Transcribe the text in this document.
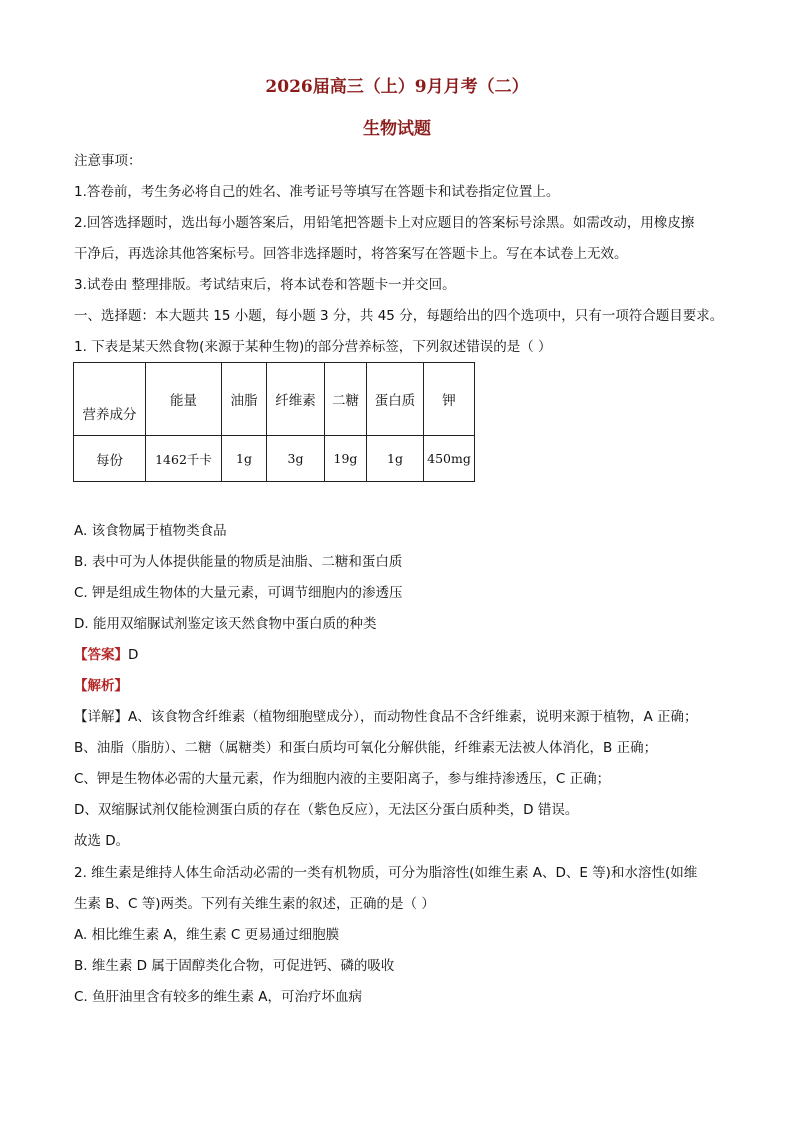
2026届高三（上）9月月考（二）
生物试题
注意事项：
1.答卷前，考生务必将自己的姓名、准考证号等填写在答题卡和试卷指定位置上。
2.回答选择题时，选出每小题答案后，用铅笔把答题卡上对应题目的答案标号涂黑。如需改动，用橡皮擦
干净后，再选涂其他答案标号。回答非选择题时，将答案写在答题卡上。写在本试卷上无效。
3.试卷由 整理排版。考试结束后，将本试卷和答题卡一并交回。
一、选择题：本大题共 15 小题，每小题 3 分，共 45 分，每题给出的四个选项中，只有一项符合题目要求。
1. 下表是某天然食物(来源于某种生物)的部分营养标签，下列叙述错误的是（ ）
营养成分	能量	油脂	纤维素	二糖	蛋白质	钾
每份	1462千卡	1g	3g	19g	1g	450mg
A. 该食物属于植物类食品
B. 表中可为人体提供能量的物质是油脂、二糖和蛋白质
C. 钾是组成生物体的大量元素，可调节细胞内的渗透压
D. 能用双缩脲试剂鉴定该天然食物中蛋白质的种类
【答案】D
【解析】
【详解】A、该食物含纤维素（植物细胞壁成分），而动物性食品不含纤维素，说明来源于植物，A 正确；
B、油脂（脂肪）、二糖（属糖类）和蛋白质均可氧化分解供能，纤维素无法被人体消化，B 正确；
C、钾是生物体必需的大量元素，作为细胞内液的主要阳离子，参与维持渗透压，C 正确；
D、双缩脲试剂仅能检测蛋白质的存在（紫色反应），无法区分蛋白质种类，D 错误。
故选 D。
2. 维生素是维持人体生命活动必需的一类有机物质，可分为脂溶性(如维生素 A、D、E 等)和水溶性(如维
生素 B、C 等)两类。下列有关维生素的叙述，正确的是（ ）
A. 相比维生素 A，维生素 C 更易通过细胞膜
B. 维生素 D 属于固醇类化合物，可促进钙、磷的吸收
C. 鱼肝油里含有较多的维生素 A，可治疗坏血病
